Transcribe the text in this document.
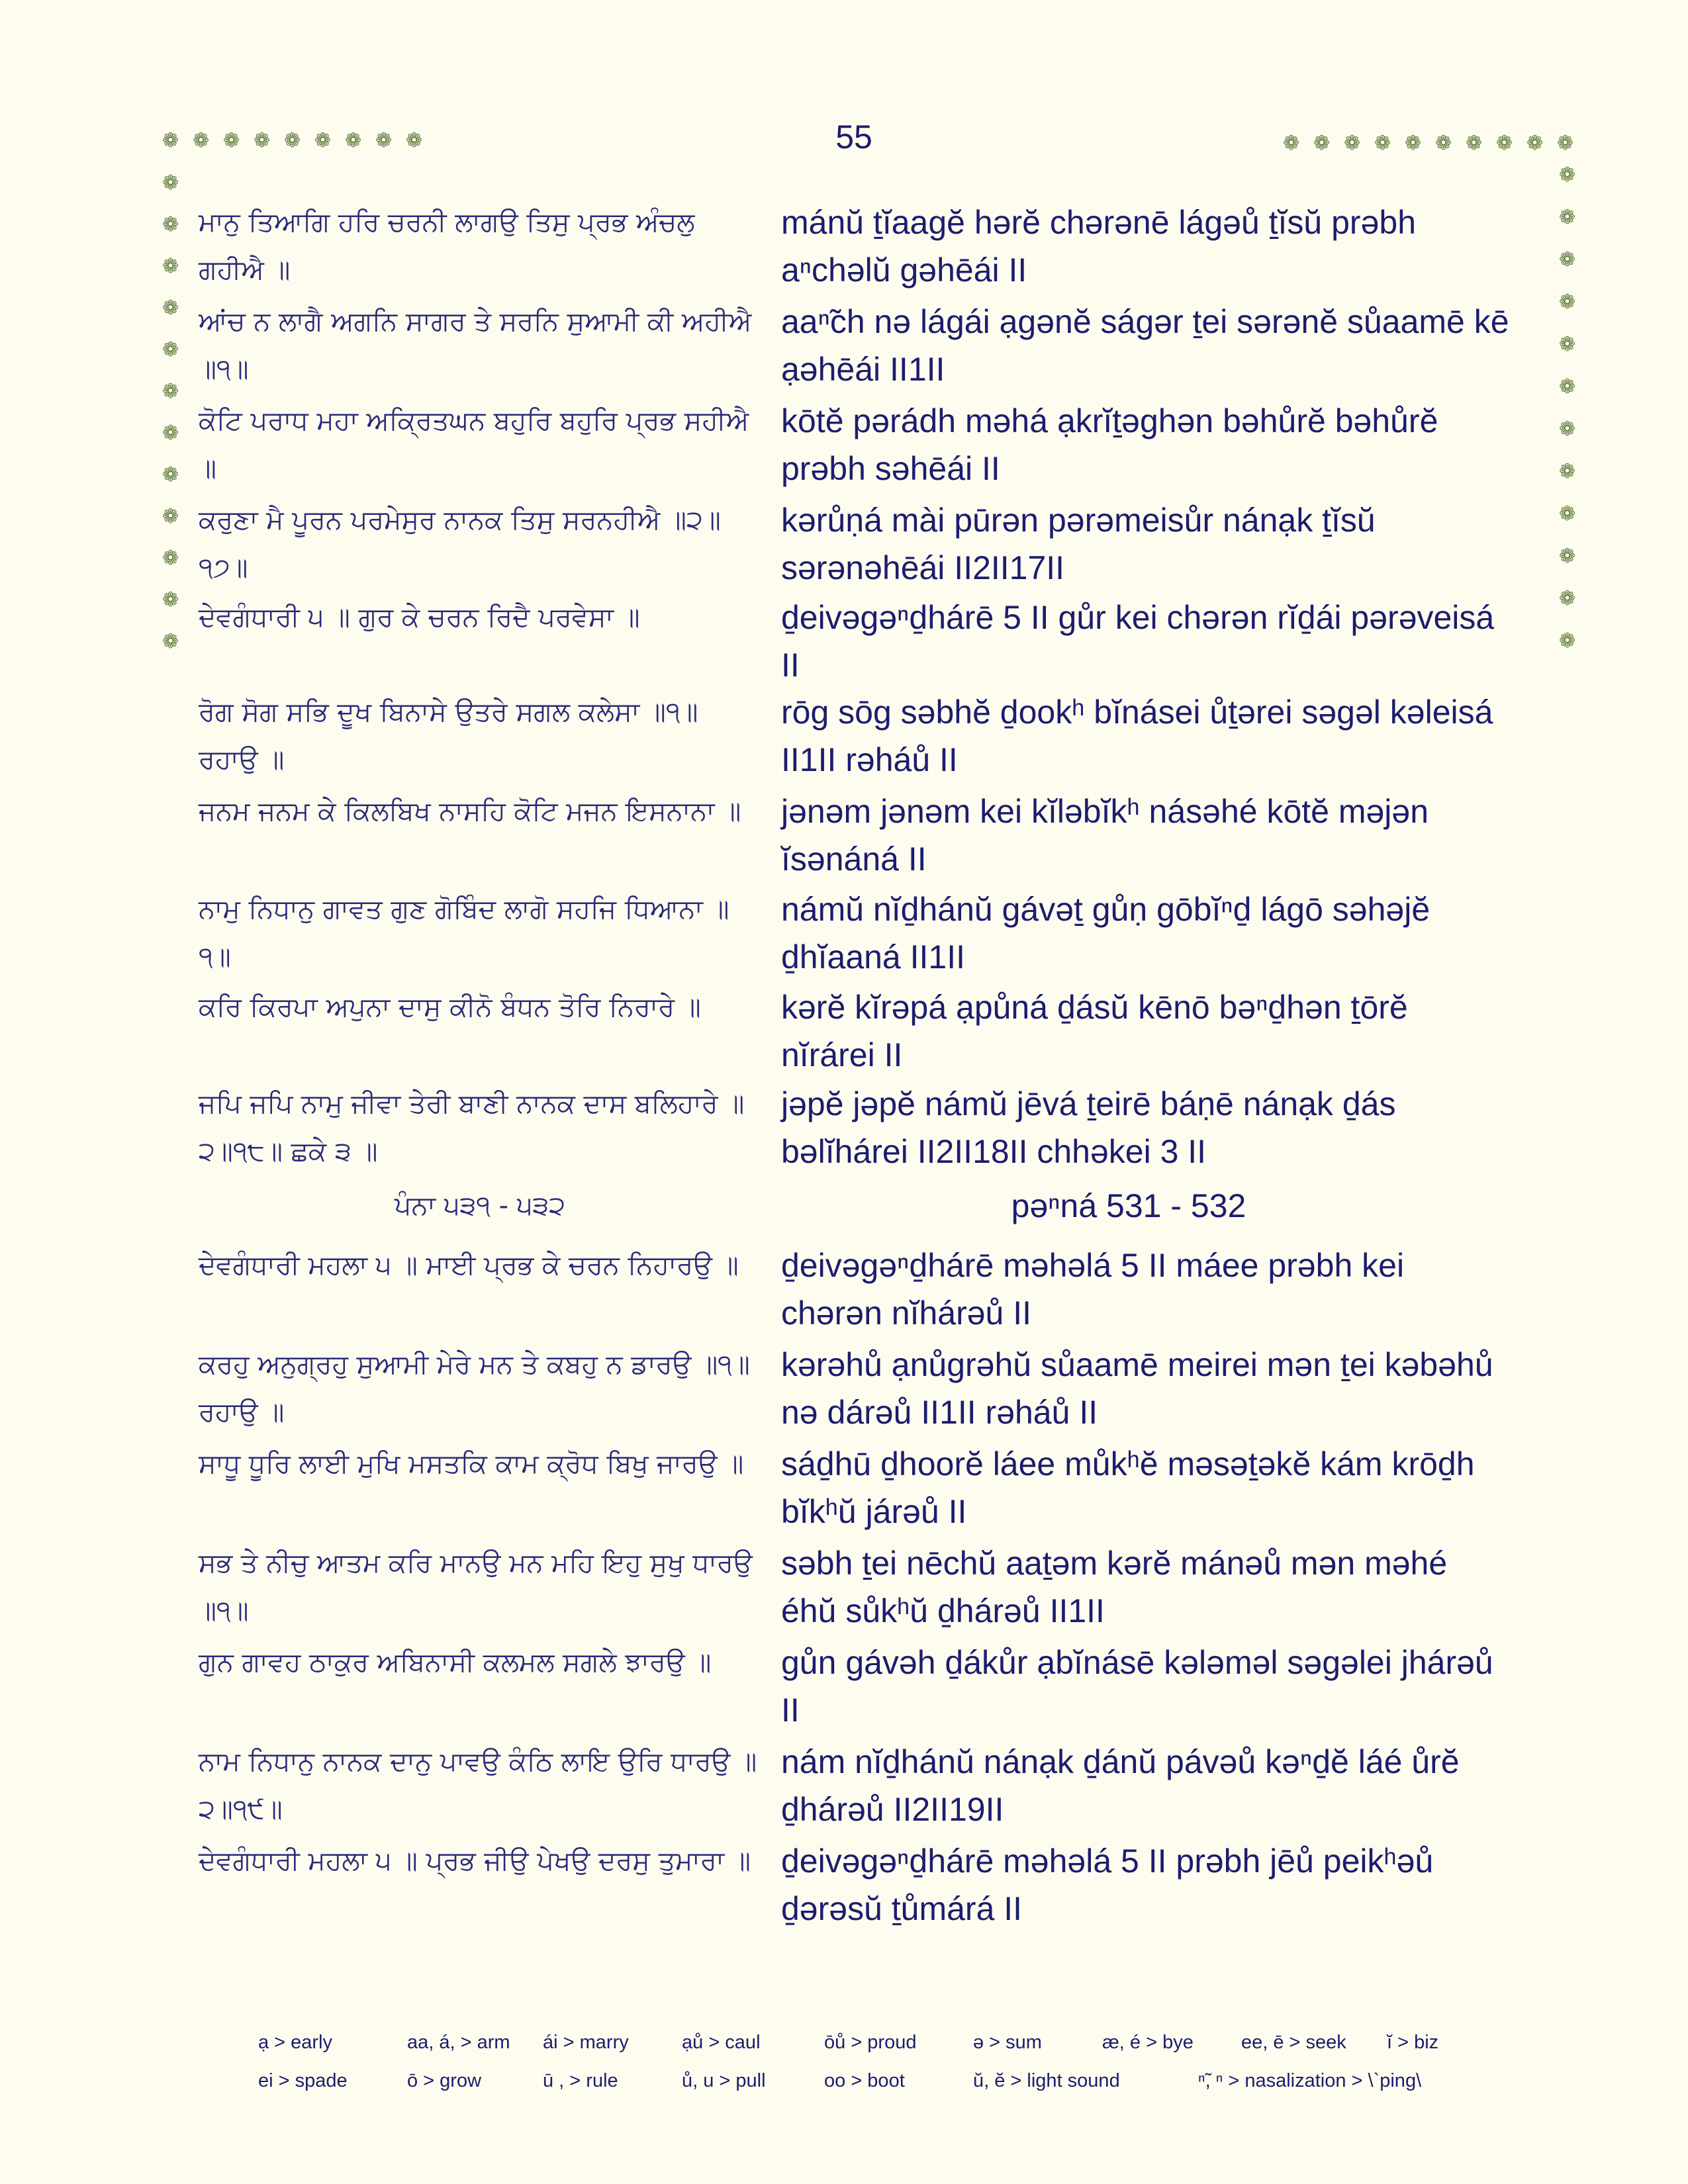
❁ ❁ ❁ ❁ ❁ ❁ ❁ ❁ ❁	❁ ❁ ❁ ❁ ❁ ❁ ❁ ❁ ❁ ❁
❁
❁
❁
❁
❁
❁
❁
❁
❁
❁
❁
❁
❁
❁
❁
❁
❁
❁
❁
❁
❁
❁
❁
❁
55
ਮਾਨੁ ਤਿਆਗਿ ਹਰਿ ਚਰਨੀ ਲਾਗਉ ਤਿਸੁ ਪ੍ਰਭ ਅੰਚਲੁ ਗਹੀਐ ॥
mánŭ ṯĭaagĕ hərĕ chərənē lágəů ṯĭsŭ prəbh aⁿchəlŭ gəhēái II
ਆਂਚ ਨ ਲਾਗੈ ਅਗਨਿ ਸਾਗਰ ਤੇ ਸਰਨਿ ਸੁਆਮੀ ਕੀ ਅਹੀਐ ॥੧॥
aaⁿ̃ch nə lágái ạgənĕ ságər ṯei sərənĕ sůaamē kē ạəhēái II1II
ਕੋਟਿ ਪਰਾਧ ਮਹਾ ਅਕ੍ਰਿਤਘਨ ਬਹੁਰਿ ਬਹੁਰਿ ਪ੍ਰਭ ਸਹੀਐ ॥
kōtĕ pərádh məhá ạkrĭṯəghən bəhůrĕ bəhůrĕ prəbh səhēái II
ਕਰੁਣਾ ਮੈ ਪੂਰਨ ਪਰਮੇਸੁਰ ਨਾਨਕ ਤਿਸੁ ਸਰਨਹੀਐ ॥੨॥੧੭॥
kərůṇá mài pūrən pərəmeisůr nánạk ṯĭsŭ sərənəhēái II2II17II
ਦੇਵਗੰਧਾਰੀ ੫ ॥ ਗੁਰ ਕੇ ਚਰਨ ਰਿਦੈ ਪਰਵੇਸਾ ॥	ḏeivəgəⁿḏhárē 5 II gůr kei chərən rĭḏái pərəveisá II
ਰੋਗ ਸੋਗ ਸਭਿ ਦੂਖ ਬਿਨਾਸੇ ਉਤਰੇ ਸਗਲ ਕਲੇਸਾ ॥੧॥ ਰਹਾਉ ॥
rōg sōg səbhĕ ḏookʰ bĭnásei ůṯərei səgəl kəleisá II1II rəháů II
ਜਨਮ ਜਨਮ ਕੇ ਕਿਲਬਿਖ ਨਾਸਹਿ ਕੋਟਿ ਮਜਨ ਇਸਨਾਨਾ ॥	jənəm jənəm kei kĭləbĭkʰ násəhé kōtĕ məjən ĭsənáná II
ਨਾਮੁ ਨਿਧਾਨੁ ਗਾਵਤ ਗੁਣ ਗੋਬਿੰਦ ਲਾਗੋ ਸਹਜਿ ਧਿਆਨਾ ॥੧॥
námŭ nĭḏhánŭ gávəṯ gůṇ gōbĭⁿḏ lágō səhəjĕ ḏhĭaaná II1II
ਕਰਿ ਕਿਰਪਾ ਅਪੁਨਾ ਦਾਸੁ ਕੀਨੋ ਬੰਧਨ ਤੋਰਿ ਨਿਰਾਰੇ ॥	kərĕ kĭrəpá ạpůná ḏásŭ kēnō bəⁿḏhən ṯōrĕ nĭrárei II
ਜਪਿ ਜਪਿ ਨਾਮੁ ਜੀਵਾ ਤੇਰੀ ਬਾਣੀ ਨਾਨਕ ਦਾਸ ਬਲਿਹਾਰੇ ॥੨॥੧੮॥ ਛਕੇ ੩ ॥
jəpĕ jəpĕ námŭ jēvá ṯeirē báṇē nánạk ḏás bəlĭhárei II2II18II chhəkei 3 II
ਦੇਵਗੰਧਾਰੀ ਮਹਲਾ ੫ ॥ ਮਾਈ ਪ੍ਰਭ ਕੇ ਚਰਨ ਨਿਹਾਰਉ ॥	ḏeivəgəⁿḏhárē məhəlá 5 II máee prəbh kei chərən nĭhárəů II
ਕਰਹੁ ਅਨੁਗ੍ਰਹੁ ਸੁਆਮੀ ਮੇਰੇ ਮਨ ਤੇ ਕਬਹੁ ਨ ਡਾਰਉ ॥੧॥ ਰਹਾਉ ॥
kərəhů ạnůgrəhŭ sůaamē meirei mən ṯei kəbəhů nə dárəů II1II rəháů II
ਸਾਧੂ ਧੂਰਿ ਲਾਈ ਮੁਖਿ ਮਸਤਕਿ ਕਾਮ ਕ੍ਰੋਧ ਬਿਖੁ ਜਾਰਉ ॥	sáḏhū ḏhoorĕ láee můkʰĕ məsəṯəkĕ kám krōḏh bĭkʰŭ járəů II
ਸਭ ਤੇ ਨੀਚੁ ਆਤਮ ਕਰਿ ਮਾਨਉ ਮਨ ਮਹਿ ਇਹੁ ਸੁਖੁ ਧਾਰਉ ॥੧॥
səbh ṯei nēchŭ aaṯəm kərĕ mánəů mən məhé éhŭ sůkʰŭ ḏhárəů II1II
ਗੁਨ ਗਾਵਹ ਠਾਕੁਰ ਅਬਿਨਾਸੀ ਕਲਮਲ ਸਗਲੇ ਝਾਰਉ ॥	gůn gávəh ḏákůr ạbĭnásē kələməl səgəlei jhárəů II
ਨਾਮ ਨਿਧਾਨੁ ਨਾਨਕ ਦਾਨੁ ਪਾਵਉ ਕੰਠਿ ਲਾਇ ਉਰਿ ਧਾਰਉ ॥੨॥੧੯॥
nám nĭḏhánŭ nánạk ḏánŭ pávəů kəⁿḏĕ láé ůrĕ ḏhárəů II2II19II
ਦੇਵਗੰਧਾਰੀ ਮਹਲਾ ੫ ॥ ਪ੍ਰਭ ਜੀਉ ਪੇਖਉ ਦਰਸੁ ਤੁਮਾਰਾ ॥ ḏeivəgəⁿḏhárē məhəlá 5 II prəbh jēů peikʰəů ḏərəsŭ ṯůmárá II
ਪੰਨਾ ੫੩੧ - ੫੩੨	pəⁿná 531 - 532
ạ > early	aa, á, > arm ái > marry	ạů > caul	ōů > proud	ə > sum	æ, é > bye ee, ē > seek ĭ > biz
ei > spade	ō > grow	ū , > rule	ů, u > pull	oo > boot	ŭ, ĕ > light sound	ⁿ̃, ⁿ > nasalization > \`ping\
